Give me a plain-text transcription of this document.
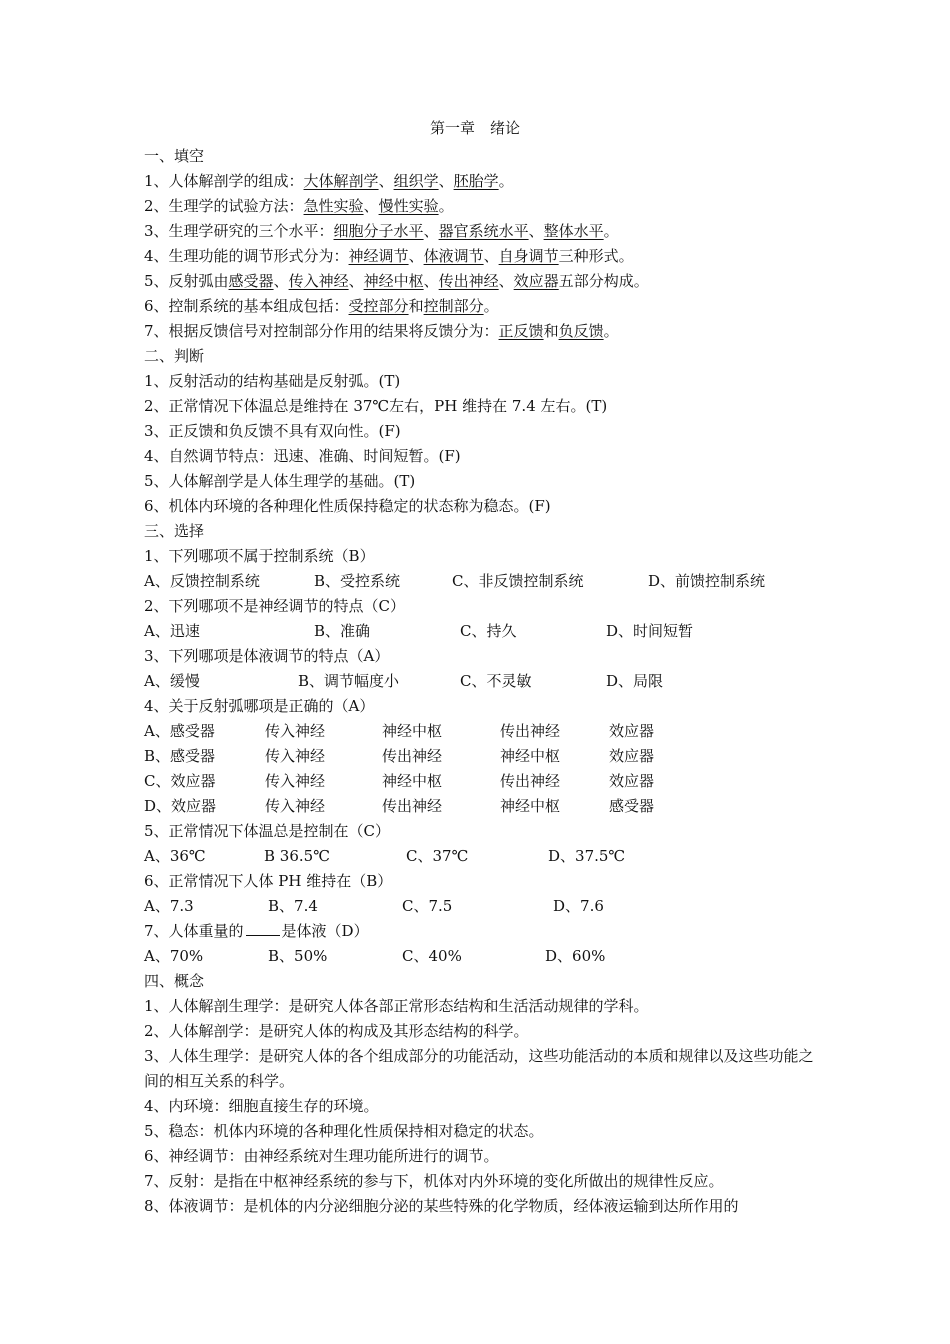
第一章　绪论
一、填空
1、人体解剖学的组成：大体解剖学、组织学、胚胎学。
2、生理学的试验方法：急性实验、慢性实验。
3、生理学研究的三个水平：细胞分子水平、器官系统水平、整体水平。
4、生理功能的调节形式分为：神经调节、体液调节、自身调节三种形式。
5、反射弧由感受器、传入神经、神经中枢、传出神经、效应器五部分构成。
6、控制系统的基本组成包括：受控部分和控制部分。
7、根据反馈信号对控制部分作用的结果将反馈分为：正反馈和负反馈。
二、判断
1、反射活动的结构基础是反射弧。(T)
2、正常情况下体温总是维持在 37℃左右，PH 维持在 7.4 左右。(T)
3、正反馈和负反馈不具有双向性。(F)
4、自然调节特点：迅速、准确、时间短暂。(F)
5、人体解剖学是人体生理学的基础。(T)
6、机体内环境的各种理化性质保持稳定的状态称为稳态。(F)
三、选择
1、下列哪项不属于控制系统（B）
A、反馈控制系统	B、受控系统	C、非反馈控制系统	D、前馈控制系统
2、下列哪项不是神经调节的特点（C）
A、迅速	B、准确	C、持久	D、时间短暂
3、下列哪项是体液调节的特点（A）
A、缓慢	B、调节幅度小	C、不灵敏	D、局限
4、关于反射弧哪项是正确的（A）
A、感受器	传入神经	神经中枢	传出神经	效应器
B、感受器	传入神经	传出神经	神经中枢	效应器
C、效应器	传入神经	神经中枢	传出神经	效应器
D、效应器	传入神经	传出神经	神经中枢	感受器
5、正常情况下体温总是控制在（C）
A、36℃	B 36.5℃	C、37℃	D、37.5℃
6、正常情况下人体 PH 维持在（B）
A、7.3	B、7.4	C、7.5	D、7.6
7、人体重量的	是体液（D）
A、70%	B、50%	C、40%	D、60%
四、概念
1、人体解剖生理学：是研究人体各部正常形态结构和生活活动规律的学科。
2、人体解剖学：是研究人体的构成及其形态结构的科学。
3、人体生理学：是研究人体的各个组成部分的功能活动，这些功能活动的本质和规律以及这些功能之间的相互关系的科学。
4、内环境：细胞直接生存的环境。
5、稳态：机体内环境的各种理化性质保持相对稳定的状态。
6、神经调节：由神经系统对生理功能所进行的调节。
7、反射：是指在中枢神经系统的参与下，机体对内外环境的变化所做出的规律性反应。
8、体液调节：是机体的内分泌细胞分泌的某些特殊的化学物质，经体液运输到达所作用的
